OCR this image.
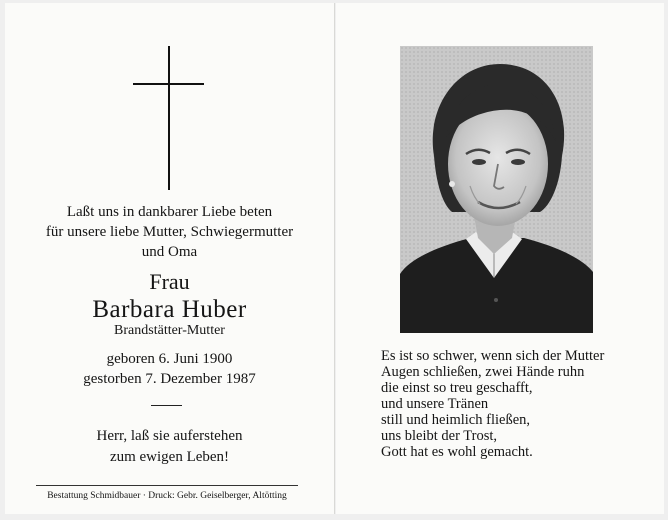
Laßt uns in dankbarer Liebe beten
für unsere liebe Mutter, Schwiegermutter
und Oma
Frau
Barbara Huber
Brandstätter-Mutter
geboren 6. Juni 1900
gestorben 7. Dezember 1987
Herr, laß sie auferstehen
zum ewigen Leben!
Bestattung Schmidbauer · Druck: Gebr. Geiselberger, Altötting
Es ist so schwer, wenn sich der Mutter
Augen schließen, zwei Hände ruhn
die einst so treu geschafft,
und unsere Tränen
still und heimlich fließen,
uns bleibt der Trost,
Gott hat es wohl gemacht.
